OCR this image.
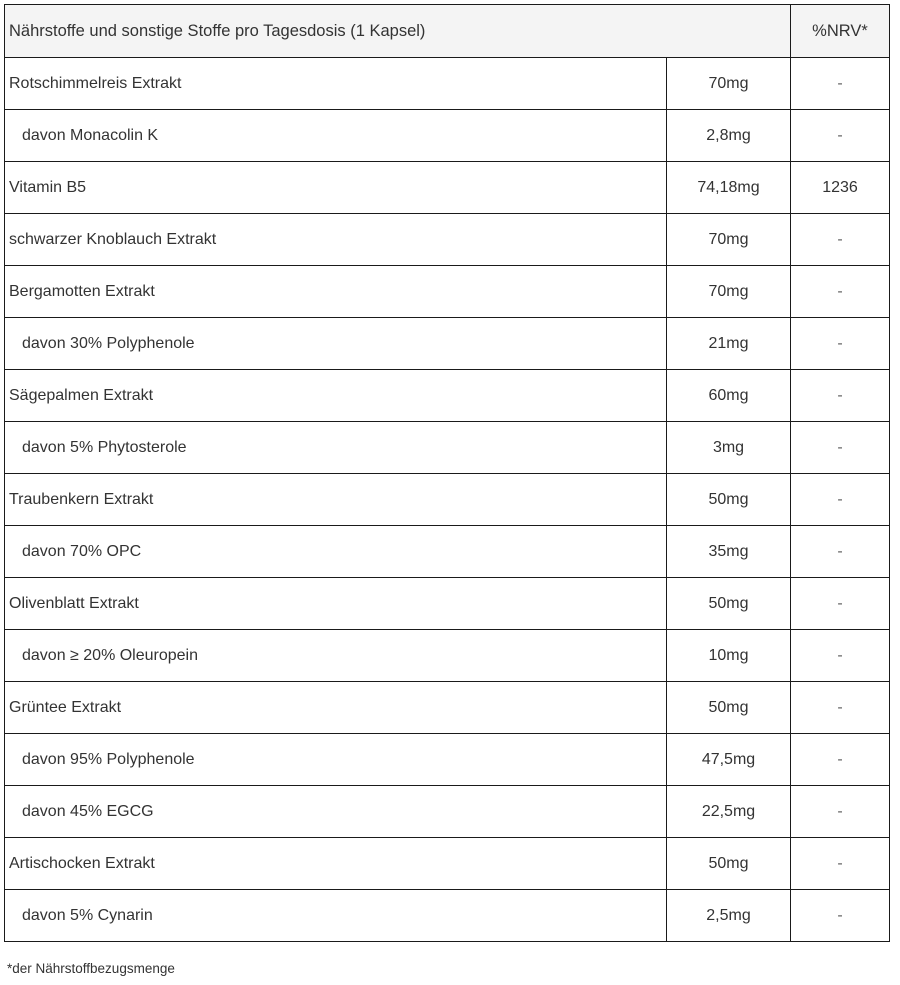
Nährstoffe und sonstige Stoffe pro Tagesdosis (1 Kapsel)		%NRV*
Rotschimmelreis Extrakt	70mg	-
davon Monacolin K	2,8mg	-
Vitamin B5	74,18mg	1236
schwarzer Knoblauch Extrakt	70mg	-
Bergamotten Extrakt	70mg	-
davon 30% Polyphenole	21mg	-
Sägepalmen Extrakt	60mg	-
davon 5% Phytosterole	3mg	-
Traubenkern Extrakt	50mg	-
davon 70% OPC	35mg	-
Olivenblatt Extrakt	50mg	-
davon ≥ 20% Oleuropein	10mg	-
Grüntee Extrakt	50mg	-
davon 95% Polyphenole	47,5mg	-
davon 45% EGCG	22,5mg	-
Artischocken Extrakt	50mg	-
davon 5% Cynarin	2,5mg	-
*der Nährstoffbezugsmenge
